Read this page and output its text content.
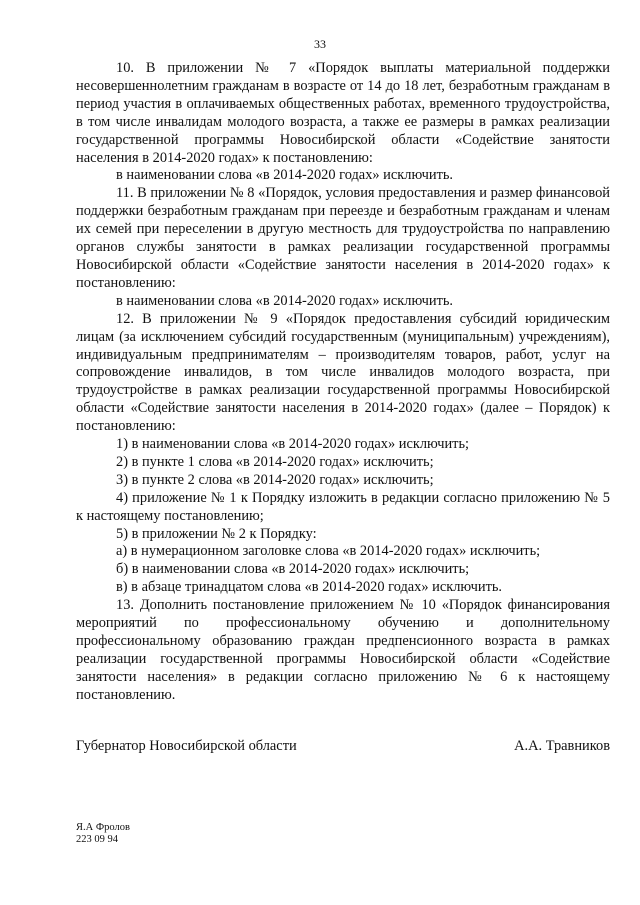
33

10. В приложении № 7 «Порядок выплаты материальной поддержки несовершеннолетним гражданам в возрасте от 14 до 18 лет, безработным гражданам в период участия в оплачиваемых общественных работах, временного трудоустройства, в том числе инвалидам молодого возраста, а также ее размеры в рамках реализации государственной программы Новосибирской области «Содействие занятости населения в 2014-2020 годах» к постановлению:

в наименовании слова «в 2014-2020 годах» исключить.

11. В приложении № 8 «Порядок, условия предоставления и размер финансовой поддержки безработным гражданам при переезде и безработным гражданам и членам их семей при переселении в другую местность для трудоустройства по направлению органов службы занятости в рамках реализации государственной программы Новосибирской области «Содействие занятости населения в 2014-2020 годах» к постановлению:

в наименовании слова «в 2014-2020 годах» исключить.

12. В приложении № 9 «Порядок предоставления субсидий юридическим лицам (за исключением субсидий государственным (муниципальным) учреждениям), индивидуальным предпринимателям – производителям товаров, работ, услуг на сопровождение инвалидов, в том числе инвалидов молодого возраста, при трудоустройстве в рамках реализации государственной программы Новосибирской области «Содействие занятости населения в 2014-2020 годах» (далее – Порядок) к постановлению:

1) в наименовании слова «в 2014-2020 годах» исключить;

2) в пункте 1 слова «в 2014-2020 годах» исключить;

3) в пункте 2 слова «в 2014-2020 годах» исключить;

4) приложение № 1 к Порядку изложить в редакции согласно приложению № 5 к настоящему постановлению;

5) в приложении № 2 к Порядку:

а) в нумерационном заголовке слова «в 2014-2020 годах» исключить;

б) в наименовании слова «в 2014-2020 годах» исключить;

в) в абзаце тринадцатом слова «в 2014-2020 годах» исключить.

13. Дополнить постановление приложением № 10 «Порядок финансирования мероприятий по профессиональному обучению и дополнительному профессиональному образованию граждан предпенсионного возраста в рамках реализации государственной программы Новосибирской области «Содействие занятости населения» в редакции согласно приложению № 6 к настоящему постановлению.

Губернатор Новосибирской области	А.А. Травников
Я.А Фролов
223 09 94
